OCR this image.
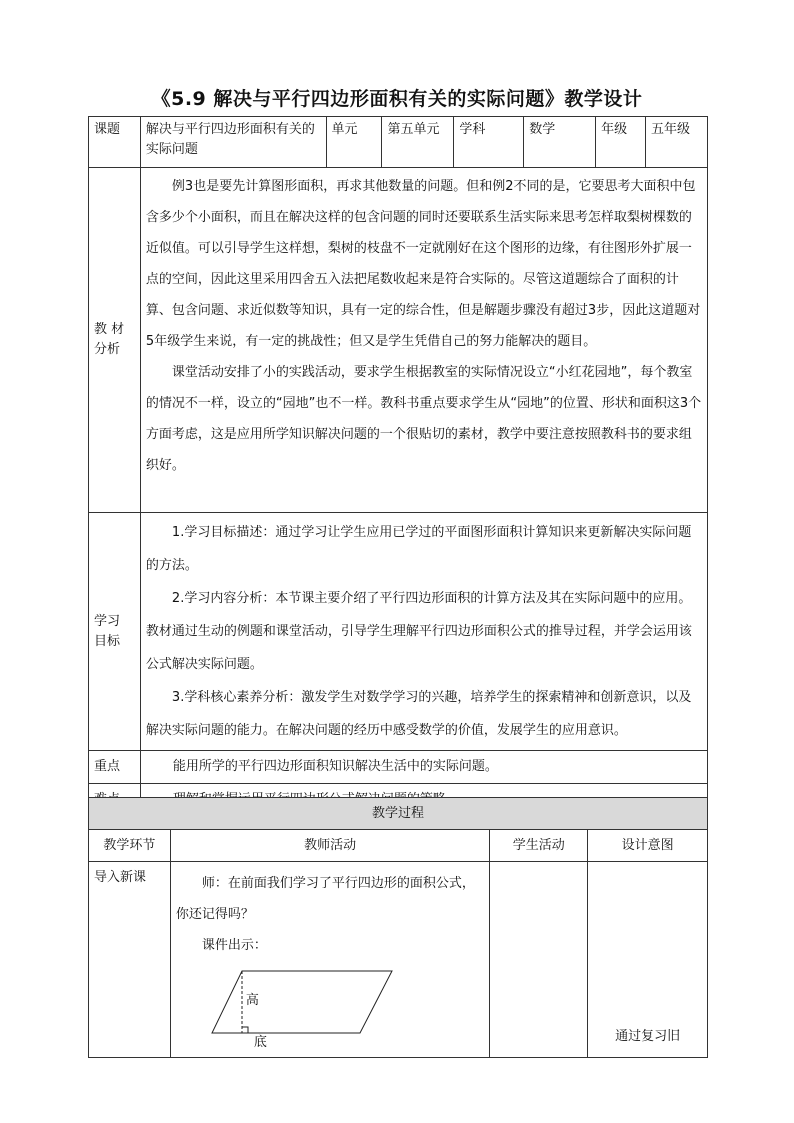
《5.9 解决与平行四边形面积有关的实际问题》教学设计
课题	解决与平行四边形面积有关的实际问题	单元	第五单元	学科	数学	年级	五年级
教 材 分析	例3也是要先计算图形面积，再求其他数量的问题。但和例2不同的是，它要思考大面积中包含多少个小面积，而且在解决这样的包含问题的同时还要联系生活实际来思考怎样取梨树棵数的近似值。可以引导学生这样想，梨树的枝盘不一定就刚好在这个图形的边缘，有往图形外扩展一点的空间，因此这里采用四舍五入法把尾数收起来是符合实际的。尽管这道题综合了面积的计算、包含问题、求近似数等知识，具有一定的综合性，但是解题步骤没有超过3步，因此这道题对5年级学生来说，有一定的挑战性；但又是学生凭借自己的努力能解决的题目。

课堂活动安排了小的实践活动，要求学生根据教室的实际情况设立“小红花园地”，每个教室的情况不一样，设立的“园地”也不一样。教科书重点要求学生从“园地”的位置、形状和面积这3个方面考虑，这是应用所学知识解决问题的一个很贴切的素材，教学中要注意按照教科书的要求组织好。						

学习 目标	1.学习目标描述：通过学习让学生应用已学过的平面图形面积计算知识来更新解决实际问题的方法。

2.学习内容分析：本节课主要介绍了平行四边形面积的计算方法及其在实际问题中的应用。教材通过生动的例题和课堂活动，引导学生理解平行四边形面积公式的推导过程，并学会运用该公式解决实际问题。

3.学科核心素养分析：激发学生对数学学习的兴趣，培养学生的探索精神和创新意识，以及解决实际问题的能力。在解决问题的经历中感受数学的价值，发展学生的应用意识。						

重点	能用所学的平行四边形面积知识解决生活中的实际问题。						

教学过程			
教学环节	教师活动	学生活动	设计意图
导入新课	师：在前面我们学习了平行四边形的面积公式，你还记得吗？
课件出示：
高
底		通过复习旧
